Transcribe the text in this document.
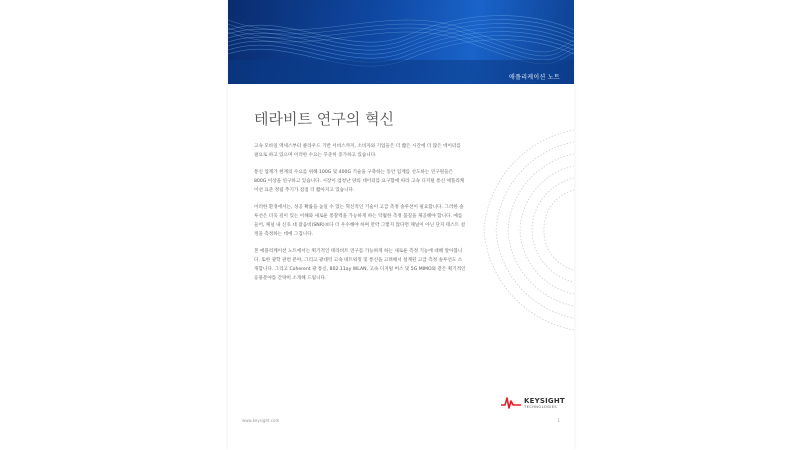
애플리케이션 노트
테라비트 연구의 혁신

고속 모바일 액세스부터 클라우드 기반 서비스까지, 소비자와 기업들은 더 짧은 시간에 더 많은 데이터를 필요로 하고 있으며 이러한 수요는 꾸준히 증가하고 있습니다.

통신 업계가 현재의 수요를 위해 100G 및 400G 기술을 구축하는 동안 업계를 선도하는 연구원들은 800G 이상을 연구하고 있습니다. 시장이 엄청난 양의 데이터를 요구함에 따라 고속 디지털 통신 애플리케이션 표준 정립 추기가 점점 더 짧아지고 있습니다.

이러한 환경에서는, 성공 확률을 높일 수 있는 혁신적인 기술이 고급 측정 솔루션이 필요합니다. 그러한 솔루션은 더욱 깊이 있는 이해와 새로운 통찰력을 가능하게 하는 탁월한 측정 품질을 제공해야 합니다. 예를 들어, 채널 내 신호 대 잡음비(SNR)보다 더 우수해야 하며 만약 그렇지 않다면 채널이 아닌 단지 테스트 설정을 측정하는 데에 그칩니다.

본 애플리케이션 노트에서는 획기적인 테라비트 연구를 가능하게 하는 새로운 측정 기능에 대해 알아봅니다. 또한 광학 관련 분야, 그리고 광대역 고속 네트워킹 및 통신을 고려해서 설계된 고급 측정 솔루션도 소개합니다. 그리고 Coherent 광 통신, 802.11ay WLAN, 고속 디지털 버스 및 5G MIMO와 같은 획기적인 응용분야를 간략히 소개해 드립니다.

KEYSIGHT
TECHNOLOGIES
www.keysight.com	1
